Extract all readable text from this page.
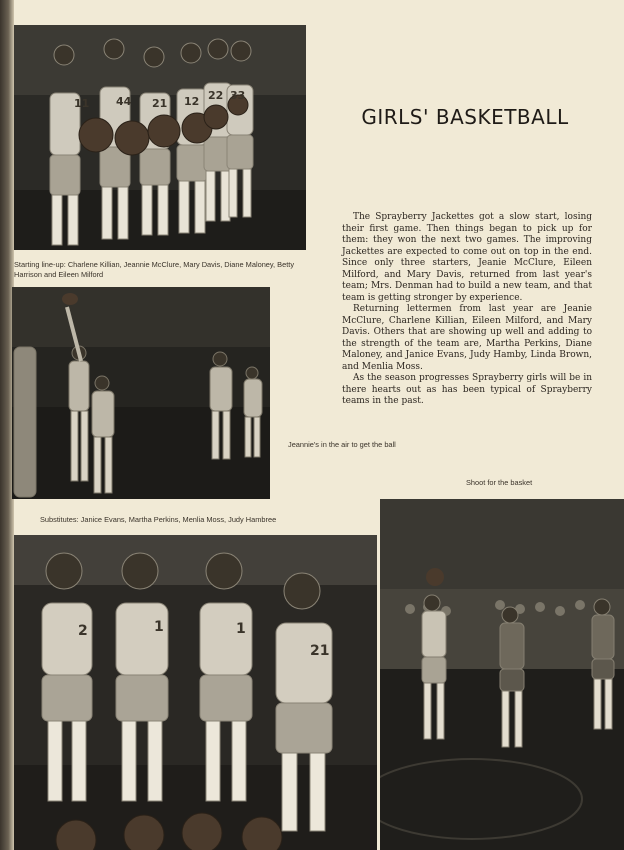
11 44 21 12 22 33
Starting line-up: Charlene Killian, Jeannie McClure, Mary Davis, Diane Maloney, Betty Harrison and Eileen Milford
Jeannie's in the air to get the ball
GIRLS' BASKETBALL

The Sprayberry Jackettes got a slow start, losing their first game. Then things began to pick up for them: they won the next two games. The improving Jackettes are expected to come out on top in the end. Since only three starters, Jeanie McClure, Eileen Milford, and Mary Davis, returned from last year's team; Mrs. Denman had to build a new team, and that team is getting stronger by experience.

Returning lettermen from last year are Jeanie McClure, Charlene Killian, Eileen Milford, and Mary Davis. Others that are showing up well and adding to the strength of the team are, Martha Perkins, Diane Maloney, and Janice Evans, Judy Hamby, Linda Brown, and Menlia Moss.

As the season progresses Sprayberry girls will be in there hearts out as has been typical of Sprayberry teams in the past.

Shoot for the basket
Substitutes: Janice Evans, Martha Perkins, Menlia Moss, Judy Hambree
2	1	1
21
